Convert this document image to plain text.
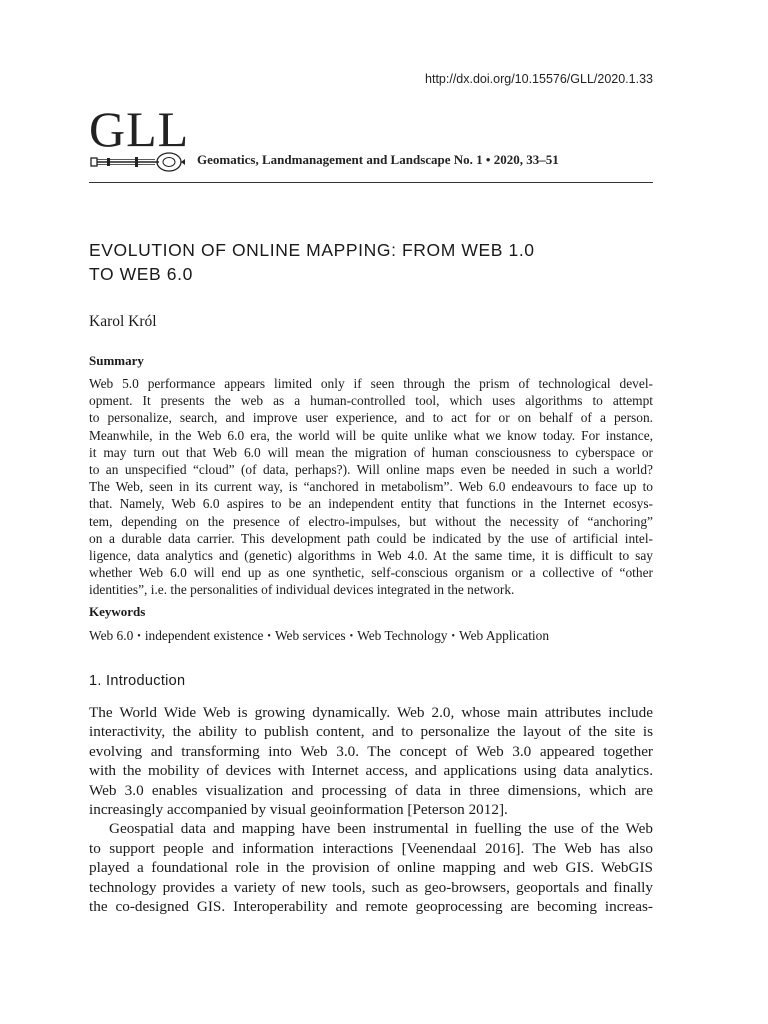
http://dx.doi.org/10.15576/GLL/2020.1.33
GLL
Geomatics, Landmanagement and Landscape No. 1 • 2020, 33–51
EVOLUTION OF ONLINE MAPPING: FROM WEB 1.0
TO WEB 6.0
Karol Król
Summary
Web 5.0 performance appears limited only if seen through the prism of technological devel-
opment. It presents the web as a human-controlled tool, which uses algorithms to attempt
to personalize, search, and improve user experience, and to act for or on behalf of a person.
Meanwhile, in the Web 6.0 era, the world will be quite unlike what we know today. For instance,
it may turn out that Web 6.0 will mean the migration of human consciousness to cyberspace or
to an unspecified “cloud” (of data, perhaps?). Will online maps even be needed in such a world?
The Web, seen in its current way, is “anchored in metabolism”. Web 6.0 endeavours to face up to
that. Namely, Web 6.0 aspires to be an independent entity that functions in the Internet ecosys-
tem, depending on the presence of electro-impulses, but without the necessity of “anchoring”
on a durable data carrier. This development path could be indicated by the use of artificial intel-
ligence, data analytics and (genetic) algorithms in Web 4.0. At the same time, it is difficult to say
whether Web 6.0 will end up as one synthetic, self-conscious organism or a collective of “other
identities”, i.e. the personalities of individual devices integrated in the network.
Keywords
Web 6.0 • independent existence • Web services • Web Technology • Web Application
1. Introduction
The World Wide Web is growing dynamically. Web 2.0, whose main attributes include
interactivity, the ability to publish content, and to personalize the layout of the site is
evolving and transforming into Web 3.0. The concept of Web 3.0 appeared together
with the mobility of devices with Internet access, and applications using data analytics.
Web 3.0 enables visualization and processing of data in three dimensions, which are
increasingly accompanied by visual geoinformation [Peterson 2012].
Geospatial data and mapping have been instrumental in fuelling the use of the Web
to support people and information interactions [Veenendaal 2016]. The Web has also
played a foundational role in the provision of online mapping and web GIS. WebGIS
technology provides a variety of new tools, such as geo-browsers, geoportals and finally
the co-designed GIS. Interoperability and remote geoprocessing are becoming increas-
